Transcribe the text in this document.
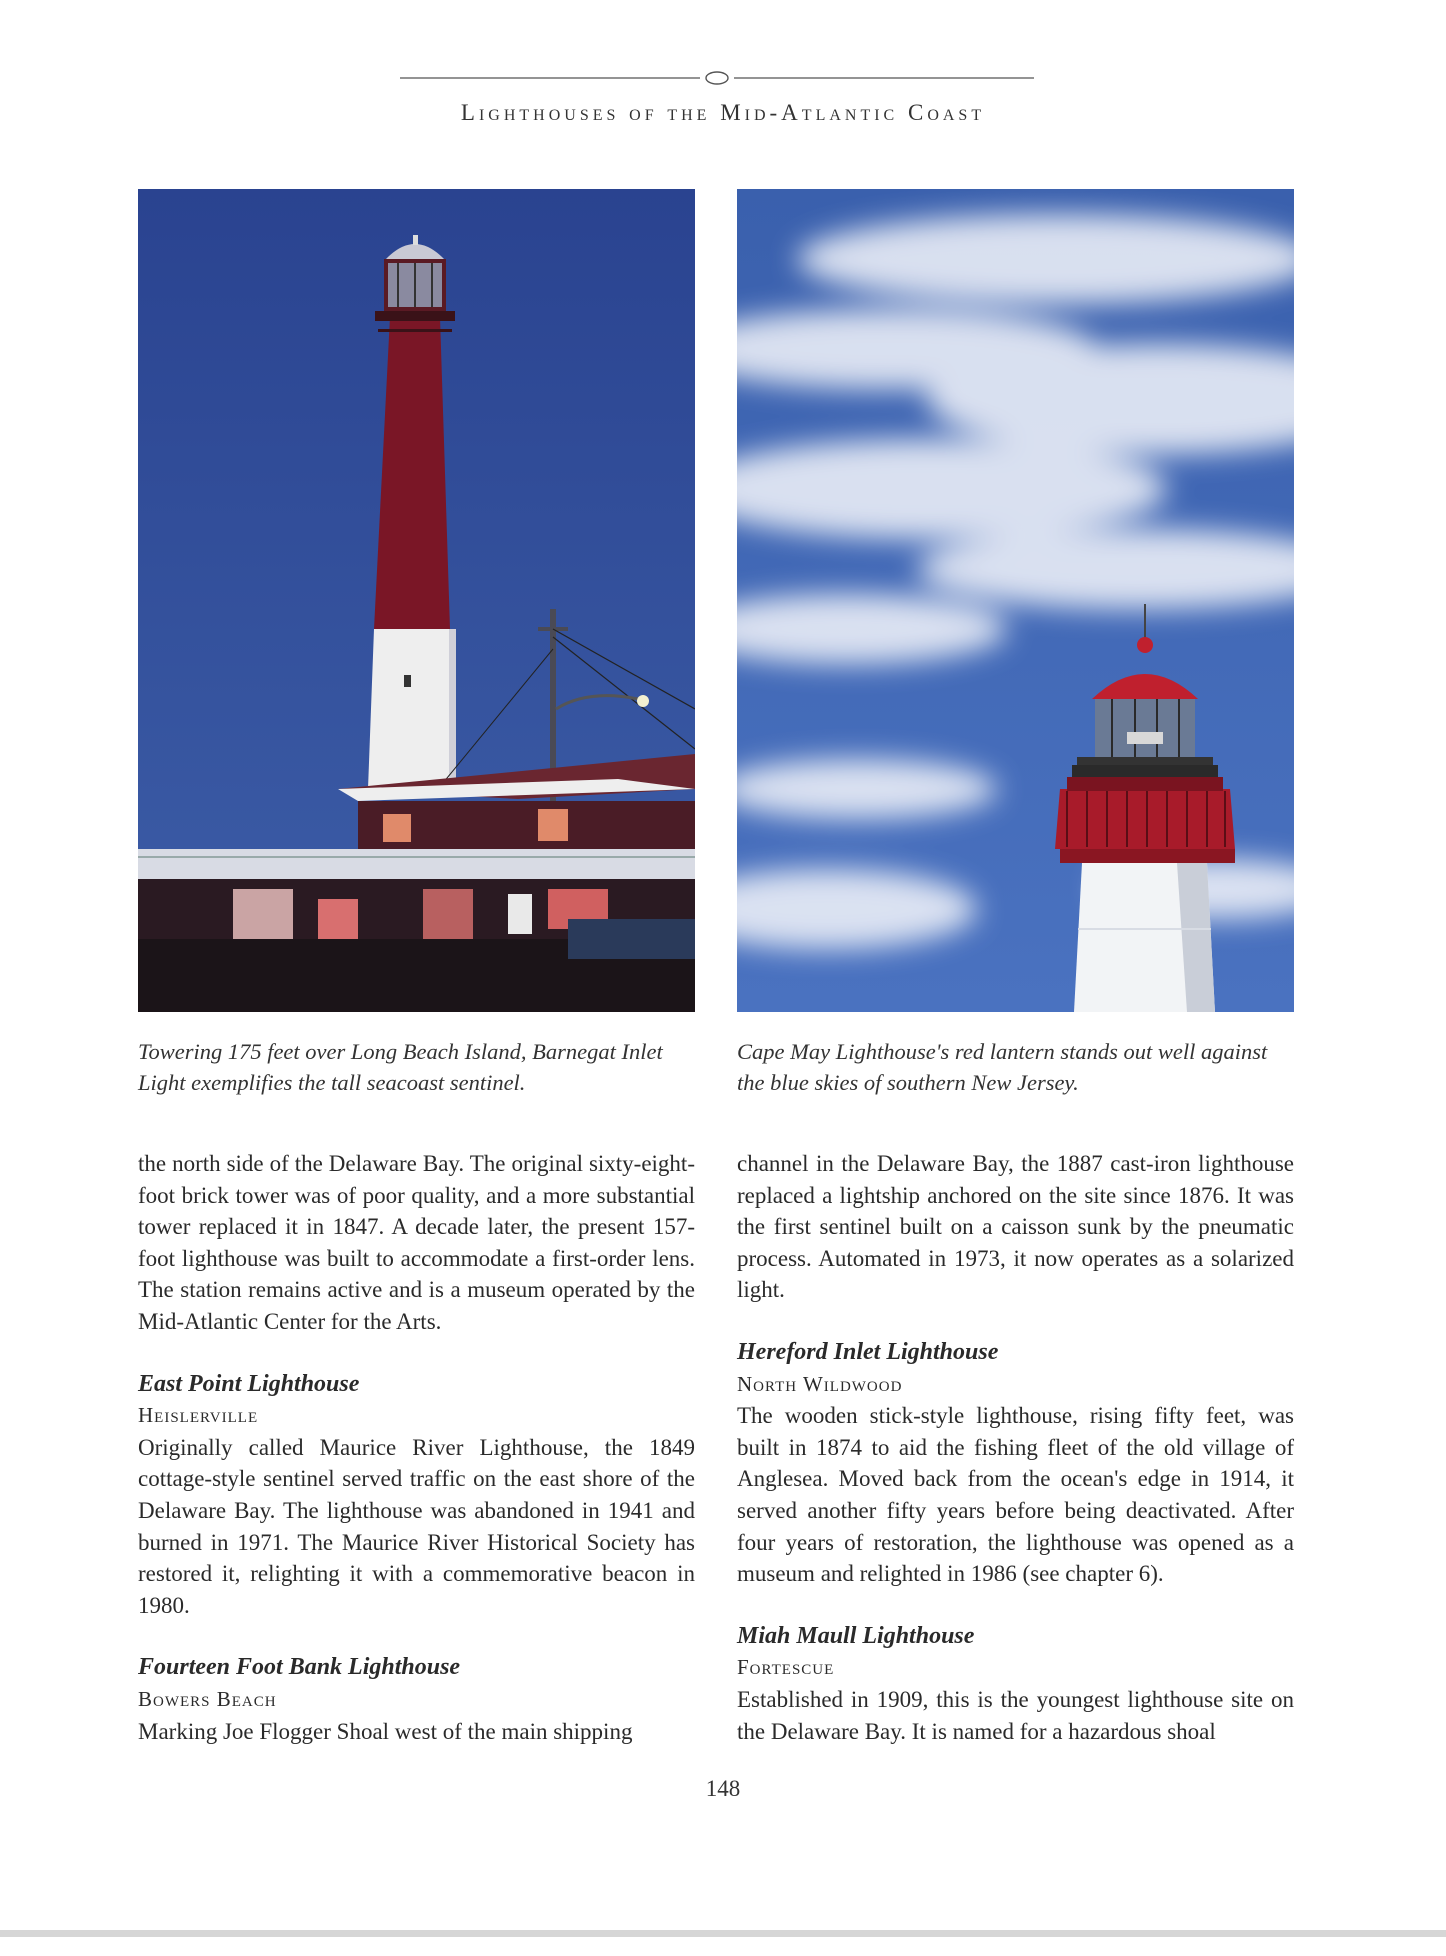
Lighthouses of the Mid-Atlantic Coast
Towering 175 feet over Long Beach Island, Barnegat Inlet Light exemplifies the tall seacoast sentinel.
Cape May Lighthouse's red lantern stands out well against the blue skies of southern New Jersey.

the north side of the Delaware Bay. The original sixty-eight-foot brick tower was of poor quality, and a more substantial tower replaced it in 1847. A decade later, the present 157-foot lighthouse was built to accommodate a first-order lens. The station remains active and is a museum operated by the Mid-Atlantic Center for the Arts.

East Point Lighthouse
Heislerville

Originally called Maurice River Lighthouse, the 1849 cottage-style sentinel served traffic on the east shore of the Delaware Bay. The lighthouse was abandoned in 1941 and burned in 1971. The Maurice River Historical Society has restored it, relighting it with a commemorative beacon in 1980.

Fourteen Foot Bank Lighthouse
Bowers Beach

Marking Joe Flogger Shoal west of the main shipping

channel in the Delaware Bay, the 1887 cast-iron lighthouse replaced a lightship anchored on the site since 1876. It was the first sentinel built on a caisson sunk by the pneumatic process. Automated in 1973, it now operates as a solarized light.

Hereford Inlet Lighthouse
North Wildwood

The wooden stick-style lighthouse, rising fifty feet, was built in 1874 to aid the fishing fleet of the old village of Anglesea. Moved back from the ocean's edge in 1914, it served another fifty years before being deactivated. After four years of restoration, the lighthouse was opened as a museum and relighted in 1986 (see chapter 6).

Miah Maull Lighthouse
Fortescue

Established in 1909, this is the youngest lighthouse site on the Delaware Bay. It is named for a hazardous shoal

148
